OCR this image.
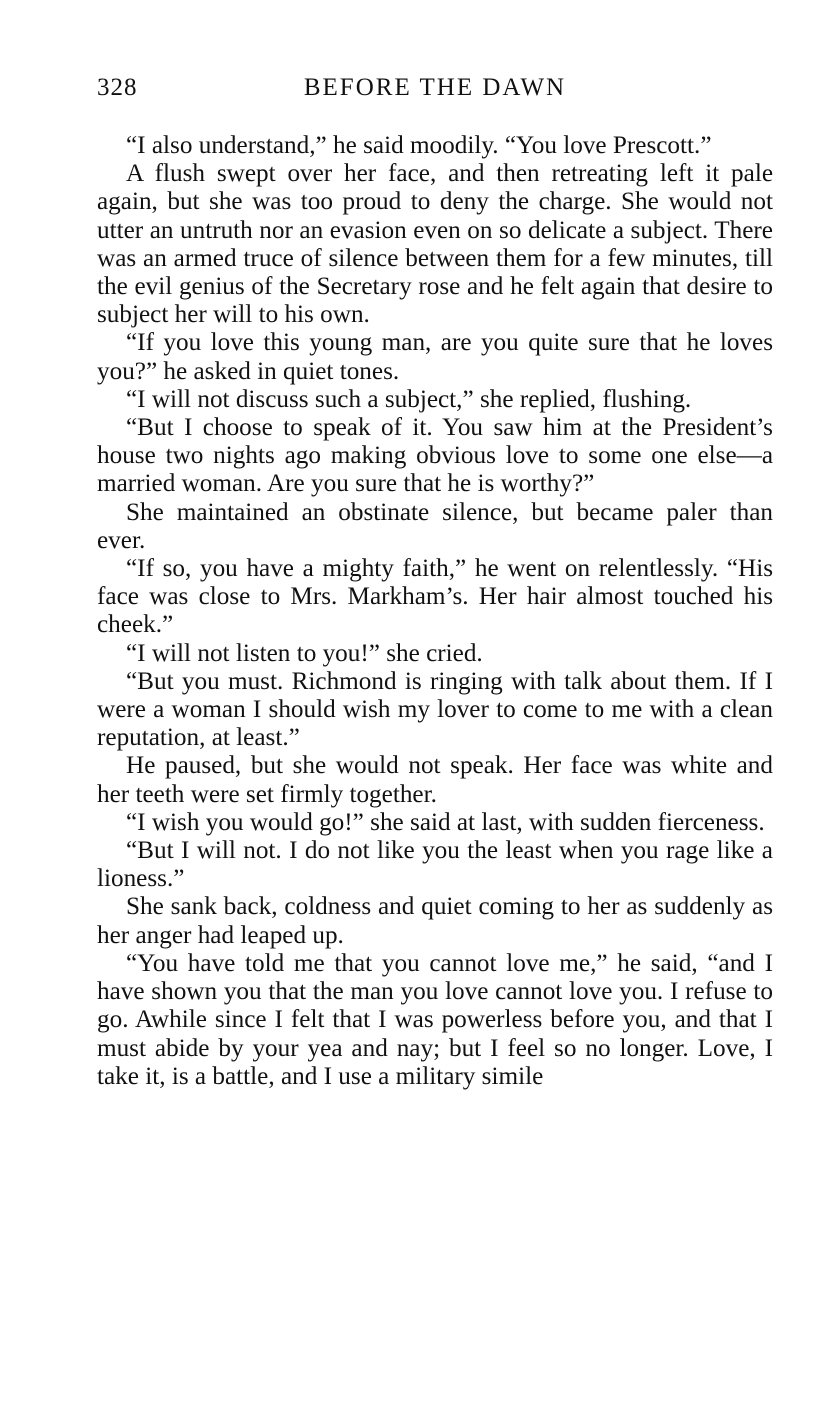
328	BEFORE THE DAWN

“I also understand,” he said moodily. “You love Prescott.”

A flush swept over her face, and then retreating left it pale again, but she was too proud to deny the charge. She would not utter an untruth nor an evasion even on so delicate a subject. There was an armed truce of silence between them for a few minutes, till the evil genius of the Secretary rose and he felt again that desire to subject her will to his own.

“If you love this young man, are you quite sure that he loves you?” he asked in quiet tones.

“I will not discuss such a subject,” she replied, flushing.

“But I choose to speak of it. You saw him at the President’s house two nights ago making obvious love to some one else—a married woman. Are you sure that he is worthy?”

She maintained an obstinate silence, but became paler than ever.

“If so, you have a mighty faith,” he went on relentlessly. “His face was close to Mrs. Markham’s. Her hair almost touched his cheek.”

“I will not listen to you!” she cried.

“But you must. Richmond is ringing with talk about them. If I were a woman I should wish my lover to come to me with a clean reputation, at least.”

He paused, but she would not speak. Her face was white and her teeth were set firmly together.

“I wish you would go!” she said at last, with sudden fierceness.

“But I will not. I do not like you the least when you rage like a lioness.”

She sank back, coldness and quiet coming to her as suddenly as her anger had leaped up.

“You have told me that you cannot love me,” he said, “and I have shown you that the man you love cannot love you. I refuse to go. Awhile since I felt that I was powerless before you, and that I must abide by your yea and nay; but I feel so no longer. Love, I take it, is a battle, and I use a military simile
